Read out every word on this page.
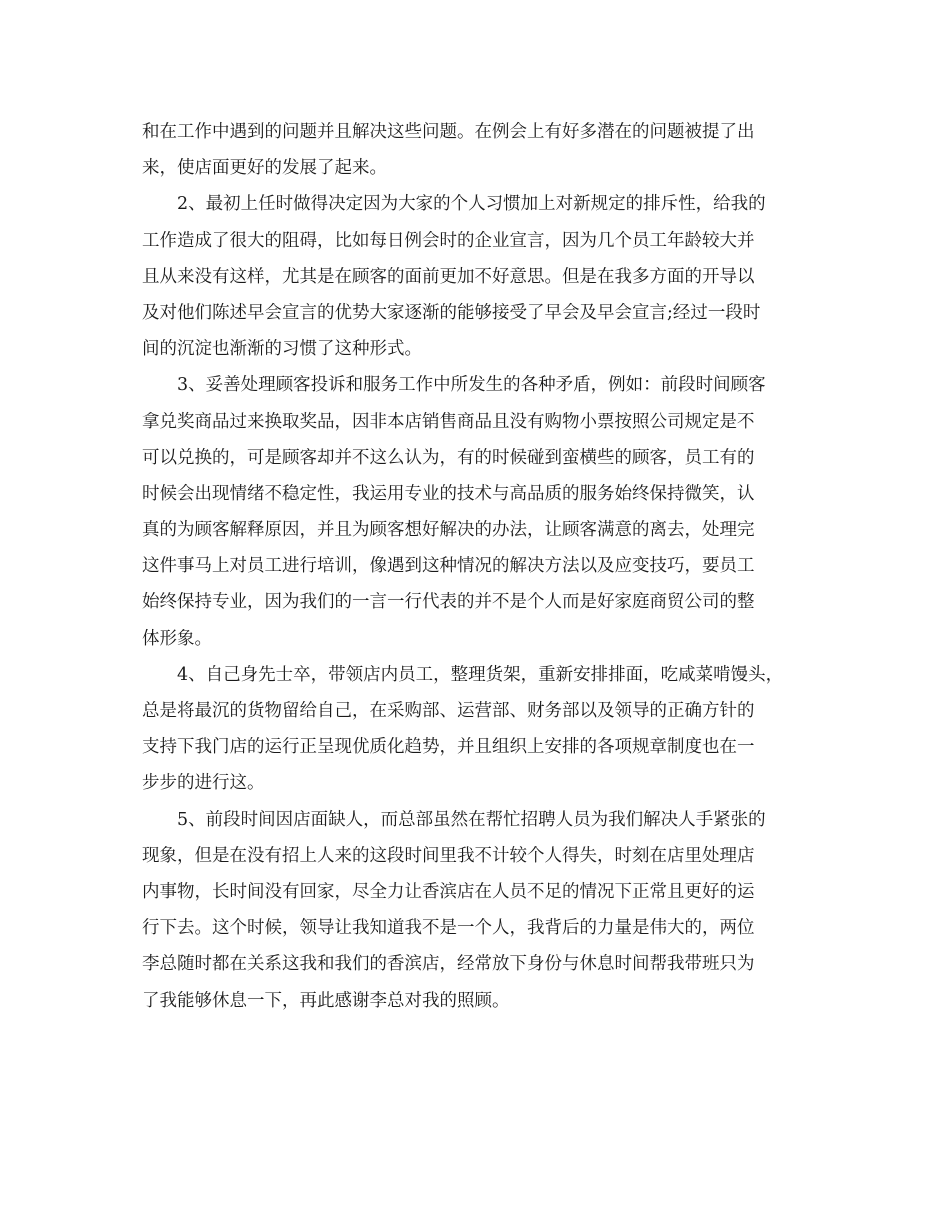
和在工作中遇到的问题并且解决这些问题。在例会上有好多潜在的问题被提了出
来，使店面更好的发展了起来。
2、最初上任时做得决定因为大家的个人习惯加上对新规定的排斥性，给我的
工作造成了很大的阻碍，比如每日例会时的企业宣言，因为几个员工年龄较大并
且从来没有这样，尤其是在顾客的面前更加不好意思。但是在我多方面的开导以
及对他们陈述早会宣言的优势大家逐渐的能够接受了早会及早会宣言;经过一段时
间的沉淀也渐渐的习惯了这种形式。
3、妥善处理顾客投诉和服务工作中所发生的各种矛盾，例如：前段时间顾客
拿兑奖商品过来换取奖品，因非本店销售商品且没有购物小票按照公司规定是不
可以兑换的，可是顾客却并不这么认为，有的时候碰到蛮横些的顾客，员工有的
时候会出现情绪不稳定性，我运用专业的技术与高品质的服务始终保持微笑，认
真的为顾客解释原因，并且为顾客想好解决的办法，让顾客满意的离去，处理完
这件事马上对员工进行培训，像遇到这种情况的解决方法以及应变技巧，要员工
始终保持专业，因为我们的一言一行代表的并不是个人而是好家庭商贸公司的整
体形象。
4、自己身先士卒，带领店内员工，整理货架，重新安排排面，吃咸菜啃馒头，
总是将最沉的货物留给自己，在采购部、运营部、财务部以及领导的正确方针的
支持下我门店的运行正呈现优质化趋势，并且组织上安排的各项规章制度也在一
步步的进行这。
5、前段时间因店面缺人，而总部虽然在帮忙招聘人员为我们解决人手紧张的
现象，但是在没有招上人来的这段时间里我不计较个人得失，时刻在店里处理店
内事物，长时间没有回家，尽全力让香滨店在人员不足的情况下正常且更好的运
行下去。这个时候，领导让我知道我不是一个人，我背后的力量是伟大的，两位
李总随时都在关系这我和我们的香滨店，经常放下身份与休息时间帮我带班只为
了我能够休息一下，再此感谢李总对我的照顾。
